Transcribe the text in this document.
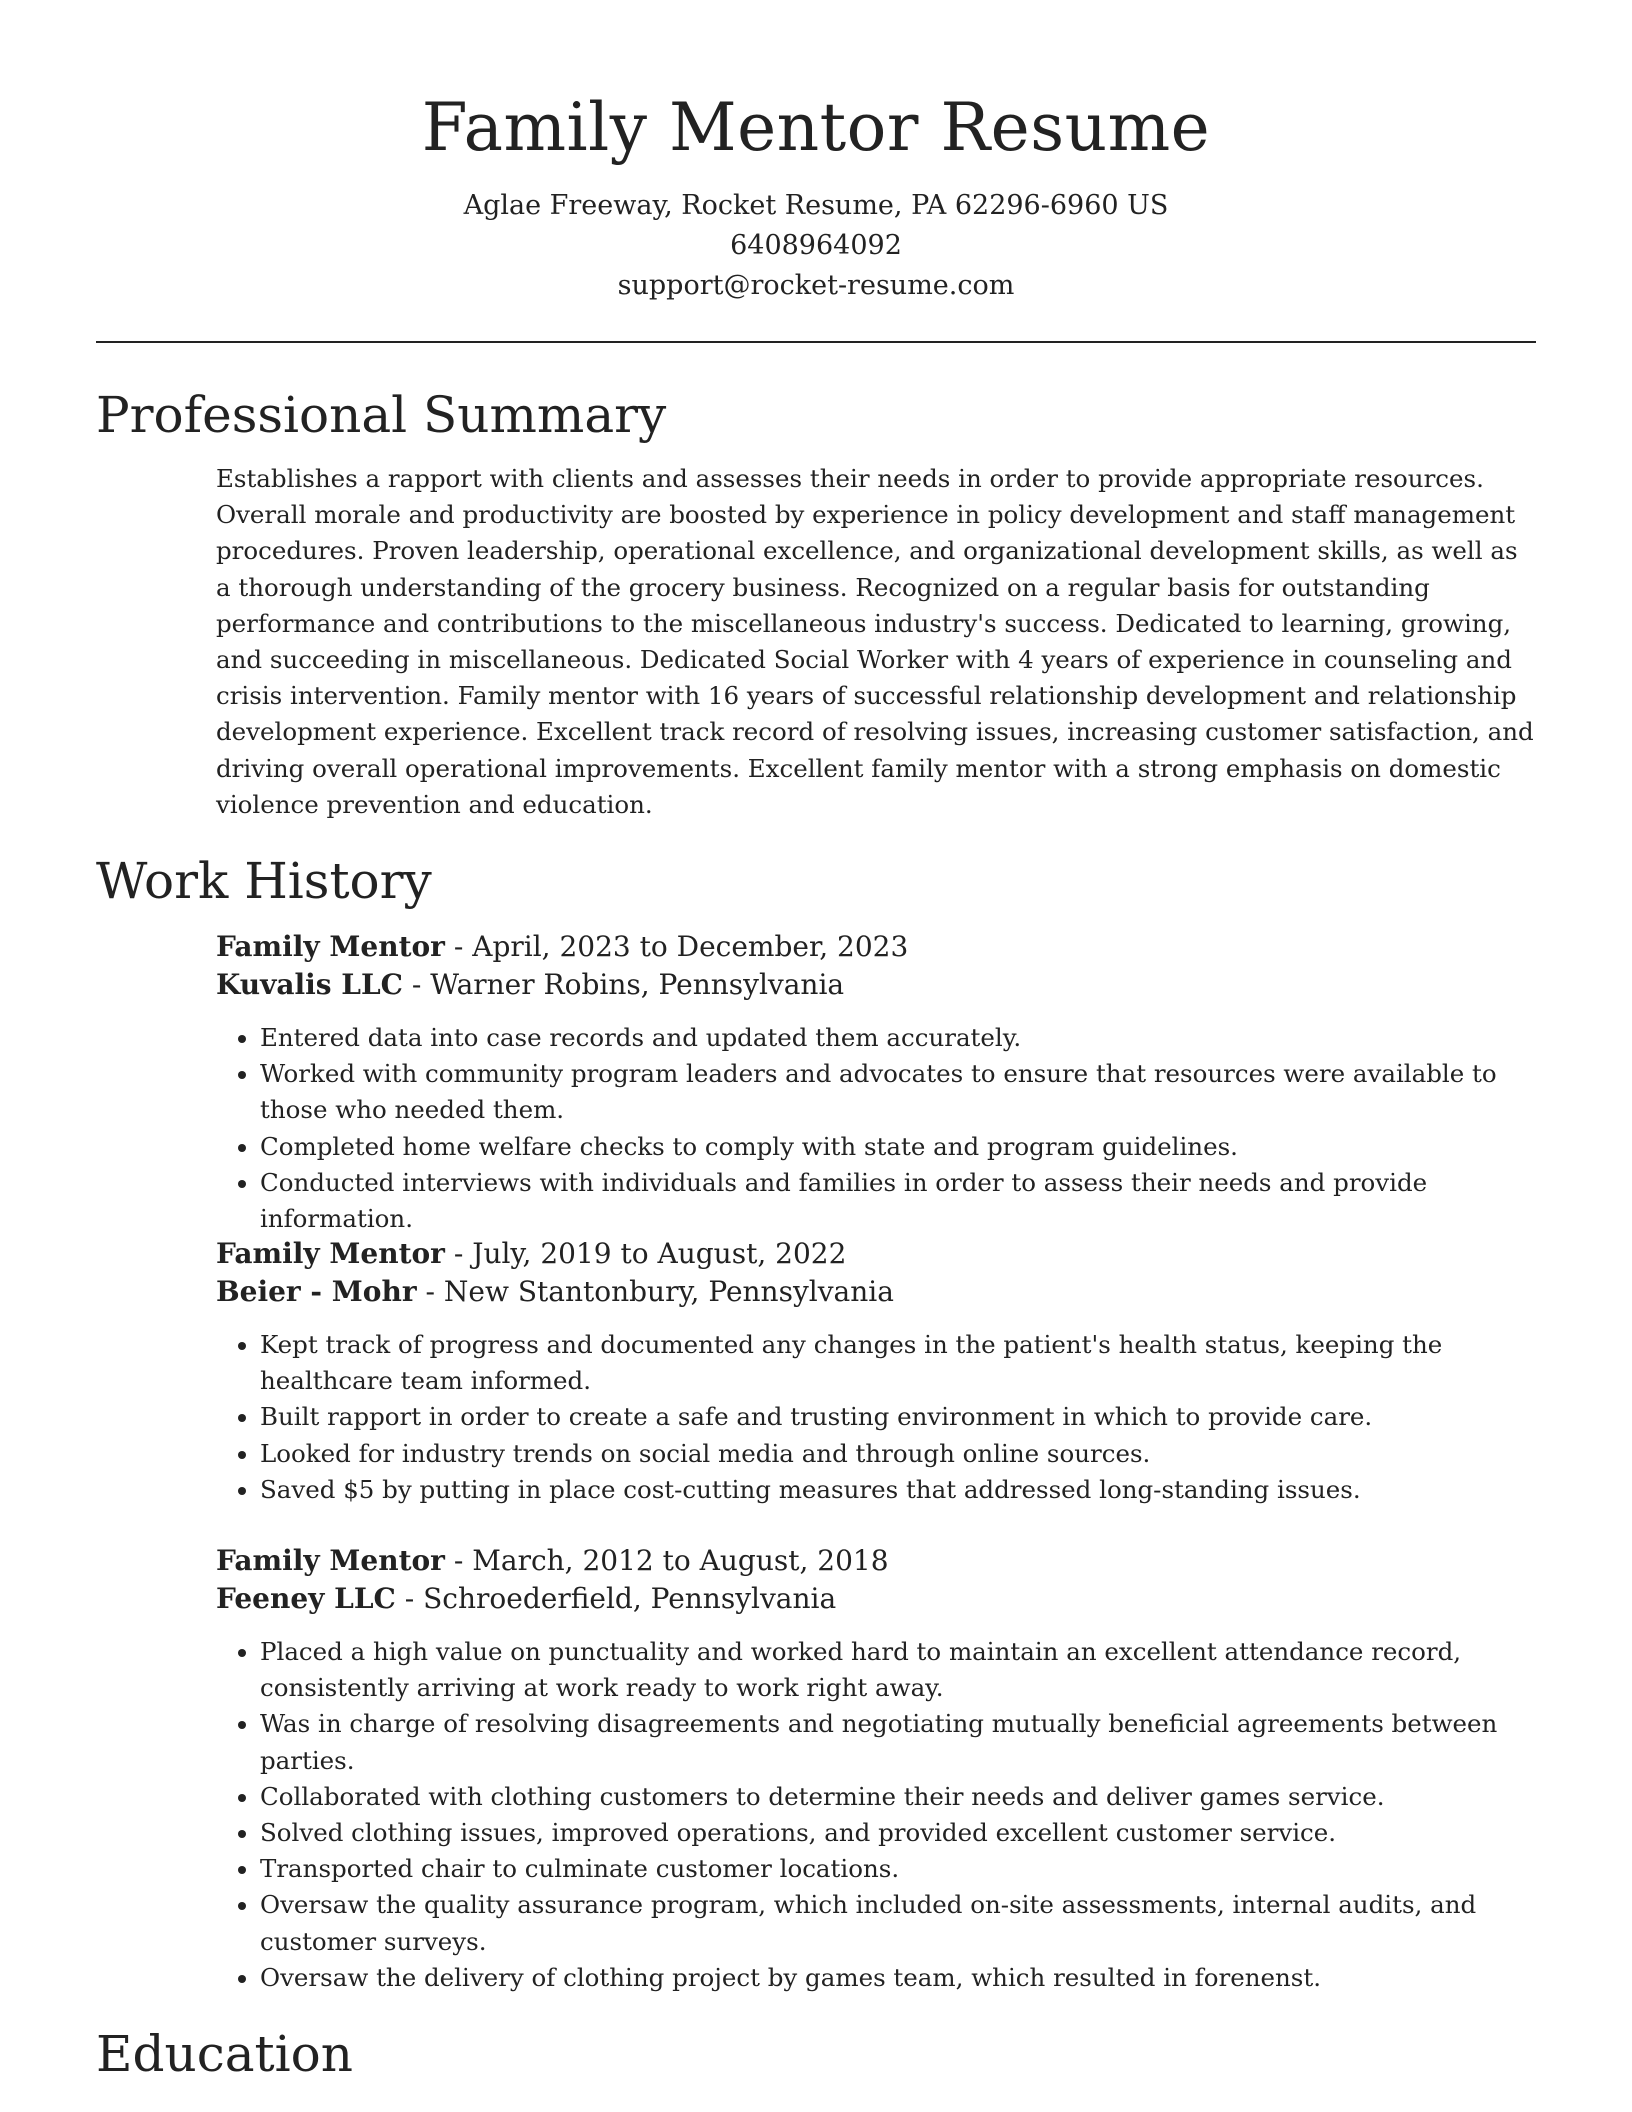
Family Mentor Resume
Aglae Freeway, Rocket Resume, PA 62296-6960 US
6408964092
support@rocket-resume.com
Professional Summary

Establishes a rapport with clients and assesses their needs in order to provide appropriate resources. Overall morale and productivity are boosted by experience in policy development and staff management procedures. Proven leadership, operational excellence, and organizational development skills, as well as a thorough understanding of the grocery business. Recognized on a regular basis for outstanding performance and contributions to the miscellaneous industry's success. Dedicated to learning, growing, and succeeding in miscellaneous. Dedicated Social Worker with 4 years of experience in counseling and crisis intervention. Family mentor with 16 years of successful relationship development and relationship development experience. Excellent track record of resolving issues, increasing customer satisfaction, and driving overall operational improvements. Excellent family mentor with a strong emphasis on domestic violence prevention and education.

Work History
Family Mentor - April, 2023 to December, 2023
Kuvalis LLC - Warner Robins, Pennsylvania
• Entered data into case records and updated them accurately.
• Worked with community program leaders and advocates to ensure that resources were available to those who needed them.
• Completed home welfare checks to comply with state and program guidelines.
• Conducted interviews with individuals and families in order to assess their needs and provide information.
Family Mentor - July, 2019 to August, 2022
Beier - Mohr - New Stantonbury, Pennsylvania
• Kept track of progress and documented any changes in the patient's health status, keeping the healthcare team informed.
• Built rapport in order to create a safe and trusting environment in which to provide care.
• Looked for industry trends on social media and through online sources.
• Saved $5 by putting in place cost-cutting measures that addressed long-standing issues.
Family Mentor - March, 2012 to August, 2018
Feeney LLC - Schroederfield, Pennsylvania
• Placed a high value on punctuality and worked hard to maintain an excellent attendance record, consistently arriving at work ready to work right away.
• Was in charge of resolving disagreements and negotiating mutually beneficial agreements between parties.
• Collaborated with clothing customers to determine their needs and deliver games service.
• Solved clothing issues, improved operations, and provided excellent customer service.
• Transported chair to culminate customer locations.
• Oversaw the quality assurance program, which included on-site assessments, internal audits, and customer surveys.
• Oversaw the delivery of clothing project by games team, which resulted in forenenst.
Education
